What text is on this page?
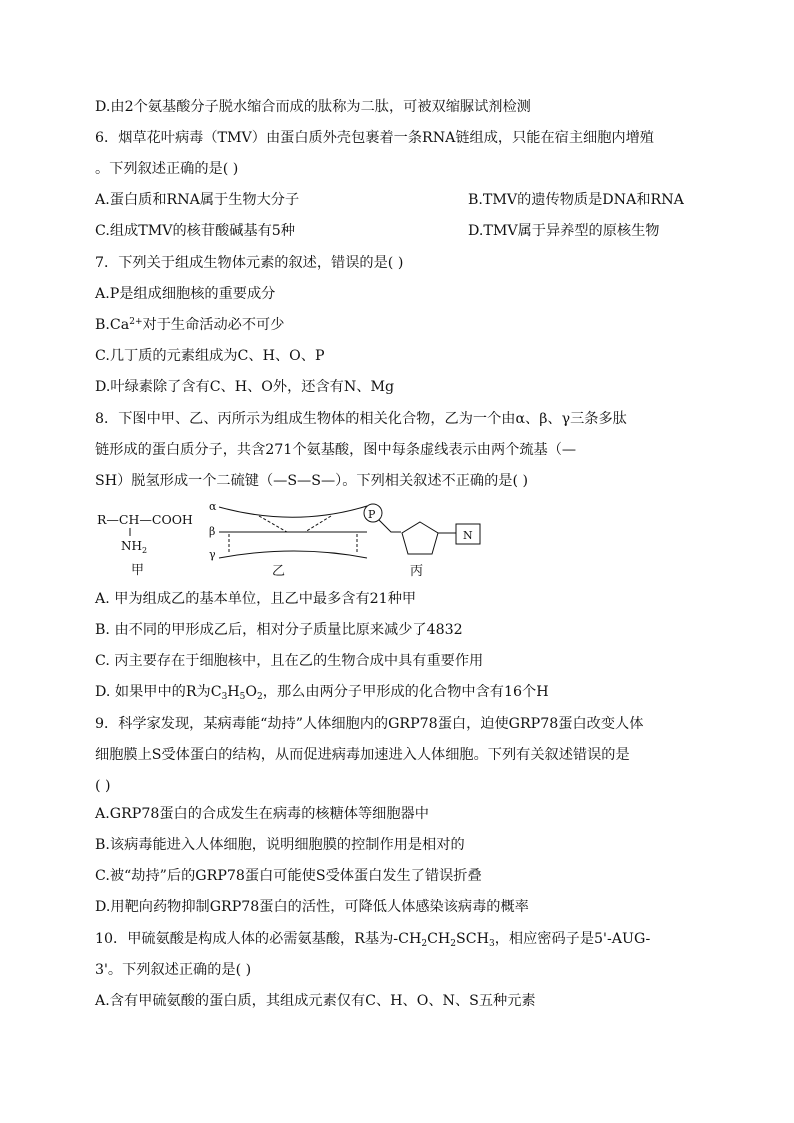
D.由2个氨基酸分子脱水缩合而成的肽称为二肽，可被双缩脲试剂检测
6．烟草花叶病毒（TMV）由蛋白质外壳包裹着一条RNA链组成，只能在宿主细胞内增殖
。下列叙述正确的是( )
A.蛋白质和RNA属于生物大分子	B.TMV的遗传物质是DNA和RNA
C.组成TMV的核苷酸碱基有5种	D.TMV属于异养型的原核生物
7．下列关于组成生物体元素的叙述，错误的是( )
A.P是组成细胞核的重要成分
$B.Ca^{2+}$对于生命活动必不可少
C.几丁质的元素组成为C、H、O、P
D.叶绿素除了含有C、H、O外，还含有N、Mg
8．下图中甲、乙、丙所示为组成生物体的相关化合物，乙为一个由α、β、γ三条多肽
链形成的蛋白质分子，共含271个氨基酸，图中每条虚线表示由两个巯基（—
SH）脱氢形成一个二硫键（—S—S—）。下列相关叙述不正确的是( )
R—CH—COOH
$NH_2$
甲
α
β
γ
乙
P
N
丙
A. 甲为组成乙的基本单位，且乙中最多含有21种甲
B. 由不同的甲形成乙后，相对分子质量比原来减少了4832
C. 丙主要存在于细胞核中，且在乙的生物合成中具有重要作用
D. 如果甲中的R为$C_3H_5O_2$，那么由两分子甲形成的化合物中含有16个H
9．科学家发现，某病毒能“劫持”人体细胞内的GRP78蛋白，迫使GRP78蛋白改变人体
细胞膜上S受体蛋白的结构，从而促进病毒加速进入人体细胞。下列有关叙述错误的是
( )
A.GRP78蛋白的合成发生在病毒的核糖体等细胞器中
B.该病毒能进入人体细胞，说明细胞膜的控制作用是相对的
C.被“劫持”后的GRP78蛋白可能使S受体蛋白发生了错误折叠
D.用靶向药物抑制GRP78蛋白的活性，可降低人体感染该病毒的概率
10．甲硫氨酸是构成人体的必需氨基酸，R基为$-CH_2CH_2SCH_3$，相应密码子是5'-AUG-
3'。下列叙述正确的是( )
A.含有甲硫氨酸的蛋白质，其组成元素仅有C、H、O、N、S五种元素
